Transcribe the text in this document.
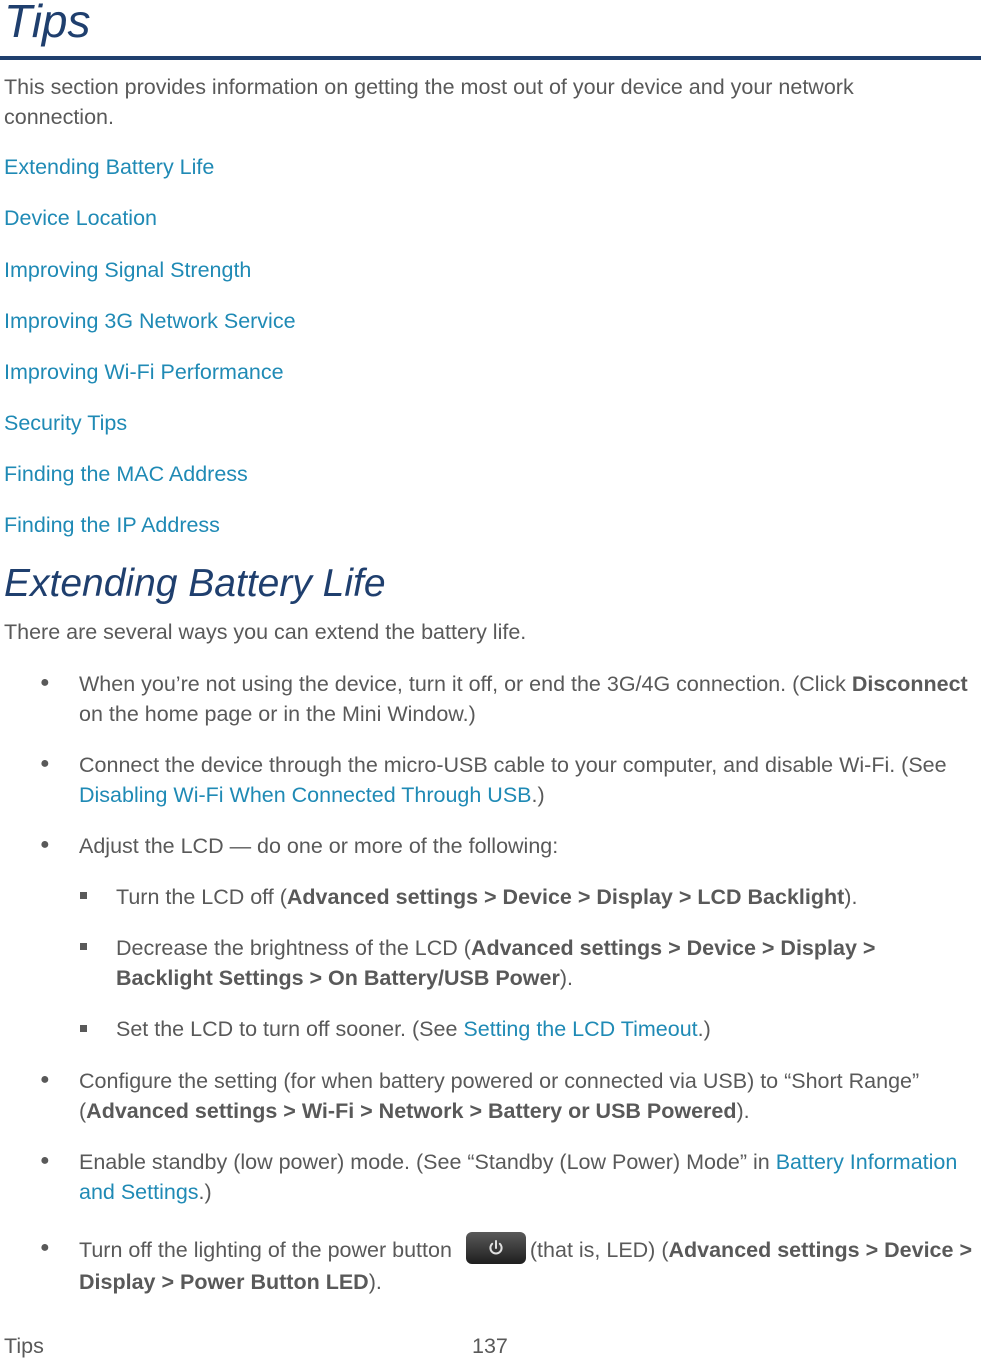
Tips

This section provides information on getting the most out of your device and your network connection.

Extending Battery Life
Device Location
Improving Signal Strength
Improving 3G Network Service
Improving Wi-Fi Performance
Security Tips
Finding the MAC Address
Finding the IP Address
Extending Battery Life

There are several ways you can extend the battery life.

● When you’re not using the device, turn it off, or end the 3G/4G connection. (Click Disconnect on the home page or in the Mini Window.)

● Connect the device through the micro-USB cable to your computer, and disable Wi-Fi. (See Disabling Wi-Fi When Connected Through USB.)

● Adjust the LCD — do one or more of the following:

Turn the LCD off (Advanced settings > Device > Display > LCD Backlight).

Decrease the brightness of the LCD (Advanced settings > Device > Display > Backlight Settings > On Battery/USB Power).

Set the LCD to turn off sooner. (See Setting the LCD Timeout.)

● Configure the setting (for when battery powered or connected via USB) to “Short Range” (Advanced settings > Wi-Fi > Network > Battery or USB Powered).

● Enable standby (low power) mode. (See “Standby (Low Power) Mode” in Battery Information and Settings.)

● Turn off the lighting of the power button	(that is, LED) (Advanced settings > Device > Display > Power Button LED).

Tips	137
